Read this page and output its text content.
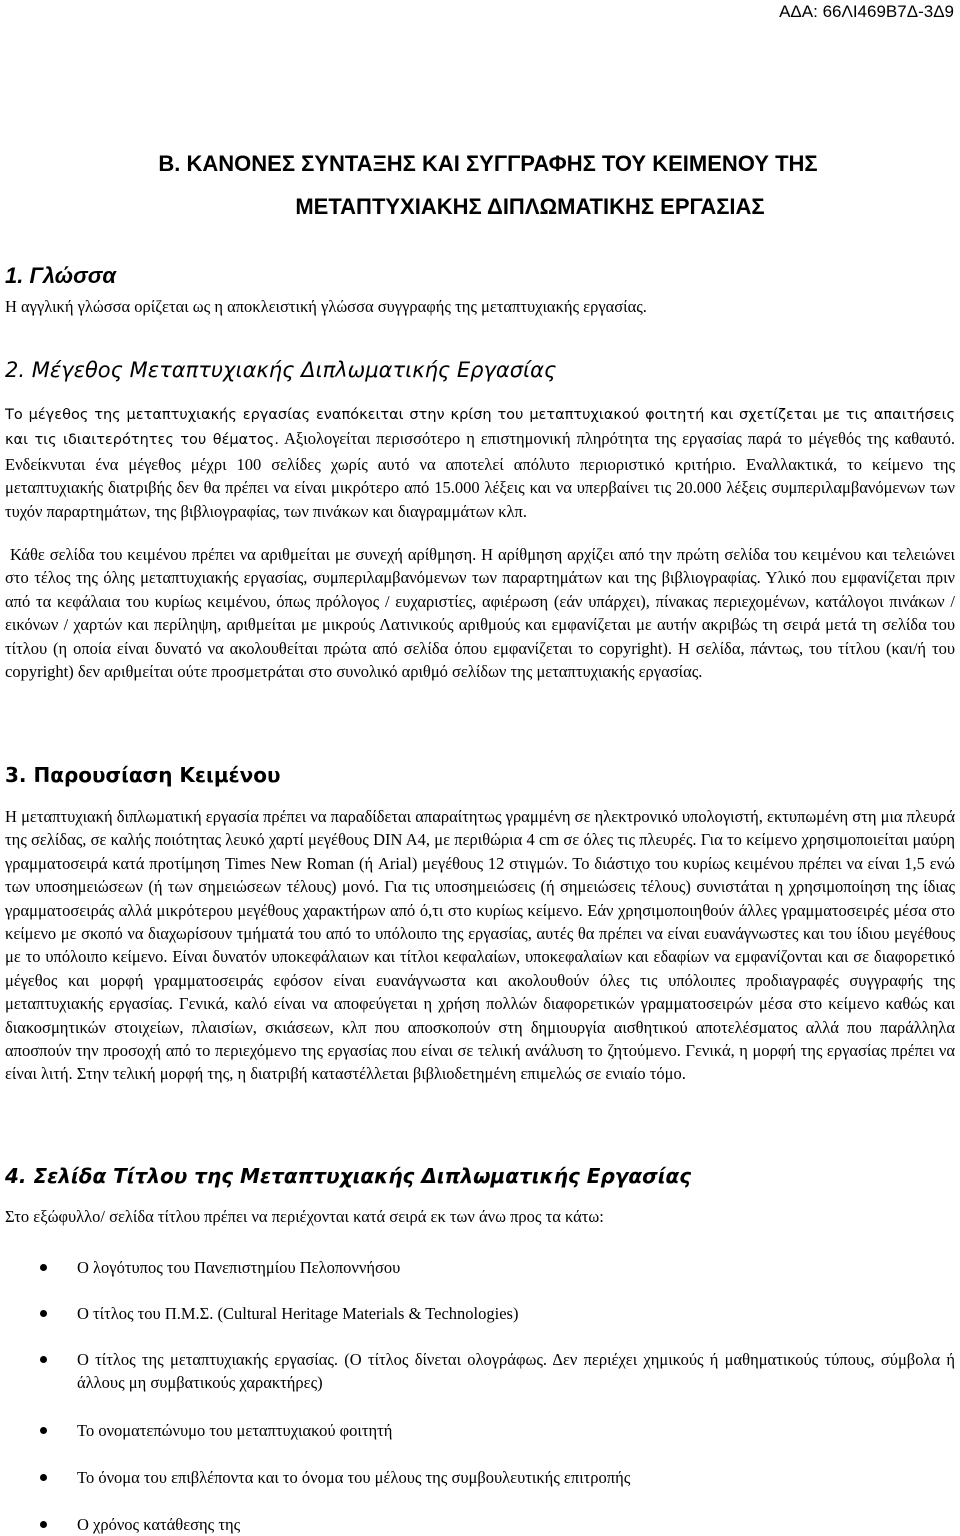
ΑΔΑ: 66ΛΙ469Β7Δ-3Δ9
Β. ΚΑΝΟΝΕΣ ΣΥΝΤΑΞΗΣ ΚΑΙ ΣΥΓΓΡΑΦΗΣ ΤΟΥ ΚΕΙΜΕΝΟΥ ΤΗΣ
ΜΕΤΑΠΤΥΧΙΑΚΗΣ ΔΙΠΛΩΜΑΤΙΚΗΣ ΕΡΓΑΣΙΑΣ
1. Γλώσσα
Η αγγλική γλώσσα ορίζεται ως η αποκλειστική γλώσσα συγγραφής της μεταπτυχιακής εργασίας.
2. Μέγεθος Μεταπτυχιακής Διπλωματικής Εργασίας
Το μέγεθος της μεταπτυχιακής εργασίας εναπόκειται στην κρίση του μεταπτυχιακού φοιτητή και σχετίζεται με τις απαιτήσεις και τις ιδιαιτερότητες του θέματος. Αξιολογείται περισσότερο η επιστημονική πληρότητα της εργασίας παρά το μέγεθός της καθαυτό. Ενδείκνυται ένα μέγεθος μέχρι 100 σελίδες χωρίς αυτό να αποτελεί απόλυτο περιοριστικό κριτήριο. Εναλλακτικά, το κείμενο της μεταπτυχιακής διατριβής δεν θα πρέπει να είναι μικρότερο από 15.000 λέξεις και να υπερβαίνει τις 20.000 λέξεις συμπεριλαμβανόμενων των τυχόν παραρτημάτων, της βιβλιογραφίας, των πινάκων και διαγραμμάτων κλπ.
Κάθε σελίδα του κειμένου πρέπει να αριθμείται με συνεχή αρίθμηση. Η αρίθμηση αρχίζει από την πρώτη σελίδα του κειμένου και τελειώνει στο τέλος της όλης μεταπτυχιακής εργασίας, συμπεριλαμβανόμενων των παραρτημάτων και της βιβλιογραφίας. Υλικό που εμφανίζεται πριν από τα κεφάλαια του κυρίως κειμένου, όπως πρόλογος / ευχαριστίες, αφιέρωση (εάν υπάρχει), πίνακας περιεχομένων, κατάλογοι πινάκων / εικόνων / χαρτών και περίληψη, αριθμείται με μικρούς Λατινικούς αριθμούς και εμφανίζεται με αυτήν ακριβώς τη σειρά μετά τη σελίδα του τίτλου (η οποία είναι δυνατό να ακολουθείται πρώτα από σελίδα όπου εμφανίζεται το copyright). Η σελίδα, πάντως, του τίτλου (και/ή του copyright) δεν αριθμείται ούτε προσμετράται στο συνολικό αριθμό σελίδων της μεταπτυχιακής εργασίας.
3. Παρουσίαση Κειμένου
Η μεταπτυχιακή διπλωματική εργασία πρέπει να παραδίδεται απαραίτητως γραμμένη σε ηλεκτρονικό υπολογιστή, εκτυπωμένη στη μια πλευρά της σελίδας, σε καλής ποιότητας λευκό χαρτί μεγέθους DIN A4, με περιθώρια 4 cm σε όλες τις πλευρές. Για το κείμενο χρησιμοποιείται μαύρη γραμματοσειρά κατά προτίμηση Times New Roman (ή Arial) μεγέθους 12 στιγμών. Το διάστιχο του κυρίως κειμένου πρέπει να είναι 1,5 ενώ των υποσημειώσεων (ή των σημειώσεων τέλους) μονό. Για τις υποσημειώσεις (ή σημειώσεις τέλους) συνιστάται η χρησιμοποίηση της ίδιας γραμματοσειράς αλλά μικρότερου μεγέθους χαρακτήρων από ό,τι στο κυρίως κείμενο. Εάν χρησιμοποιηθούν άλλες γραμματοσειρές μέσα στο κείμενο με σκοπό να διαχωρίσουν τμήματά του από το υπόλοιπο της εργασίας, αυτές θα πρέπει να είναι ευανάγνωστες και του ίδιου μεγέθους με το υπόλοιπο κείμενο. Είναι δυνατόν υποκεφάλαιων και τίτλοι κεφαλαίων, υποκεφαλαίων και εδαφίων να εμφανίζονται και σε διαφορετικό μέγεθος και μορφή γραμματοσειράς εφόσον είναι ευανάγνωστα και ακολουθούν όλες τις υπόλοιπες προδιαγραφές συγγραφής της μεταπτυχιακής εργασίας. Γενικά, καλό είναι να αποφεύγεται η χρήση πολλών διαφορετικών γραμματοσειρών μέσα στο κείμενο καθώς και διακοσμητικών στοιχείων, πλαισίων, σκιάσεων, κλπ που αποσκοπούν στη δημιουργία αισθητικού αποτελέσματος αλλά που παράλληλα αποσπούν την προσοχή από το περιεχόμενο της εργασίας που είναι σε τελική ανάλυση το ζητούμενο. Γενικά, η μορφή της εργασίας πρέπει να είναι λιτή. Στην τελική μορφή της, η διατριβή καταστέλλεται βιβλιοδετημένη επιμελώς σε ενιαίο τόμο.
4. Σελίδα Τίτλου της Μεταπτυχιακής Διπλωματικής Εργασίας
Στο εξώφυλλο/ σελίδα τίτλου πρέπει να περιέχονται κατά σειρά εκ των άνω προς τα κάτω:
Ο λογότυπος του Πανεπιστημίου Πελοποννήσου
Ο τίτλος του Π.Μ.Σ. (Cultural Heritage Materials & Technologies)
Ο τίτλος της μεταπτυχιακής εργασίας. (Ο τίτλος δίνεται ολογράφως. Δεν περιέχει χημικούς ή μαθηματικούς τύπους, σύμβολα ή άλλους μη συμβατικούς χαρακτήρες)
Το ονοματεπώνυμο του μεταπτυχιακού φοιτητή
Το όνομα του επιβλέποντα και το όνομα του μέλους της συμβουλευτικής επιτροπής
Ο χρόνος κατάθεσης της
